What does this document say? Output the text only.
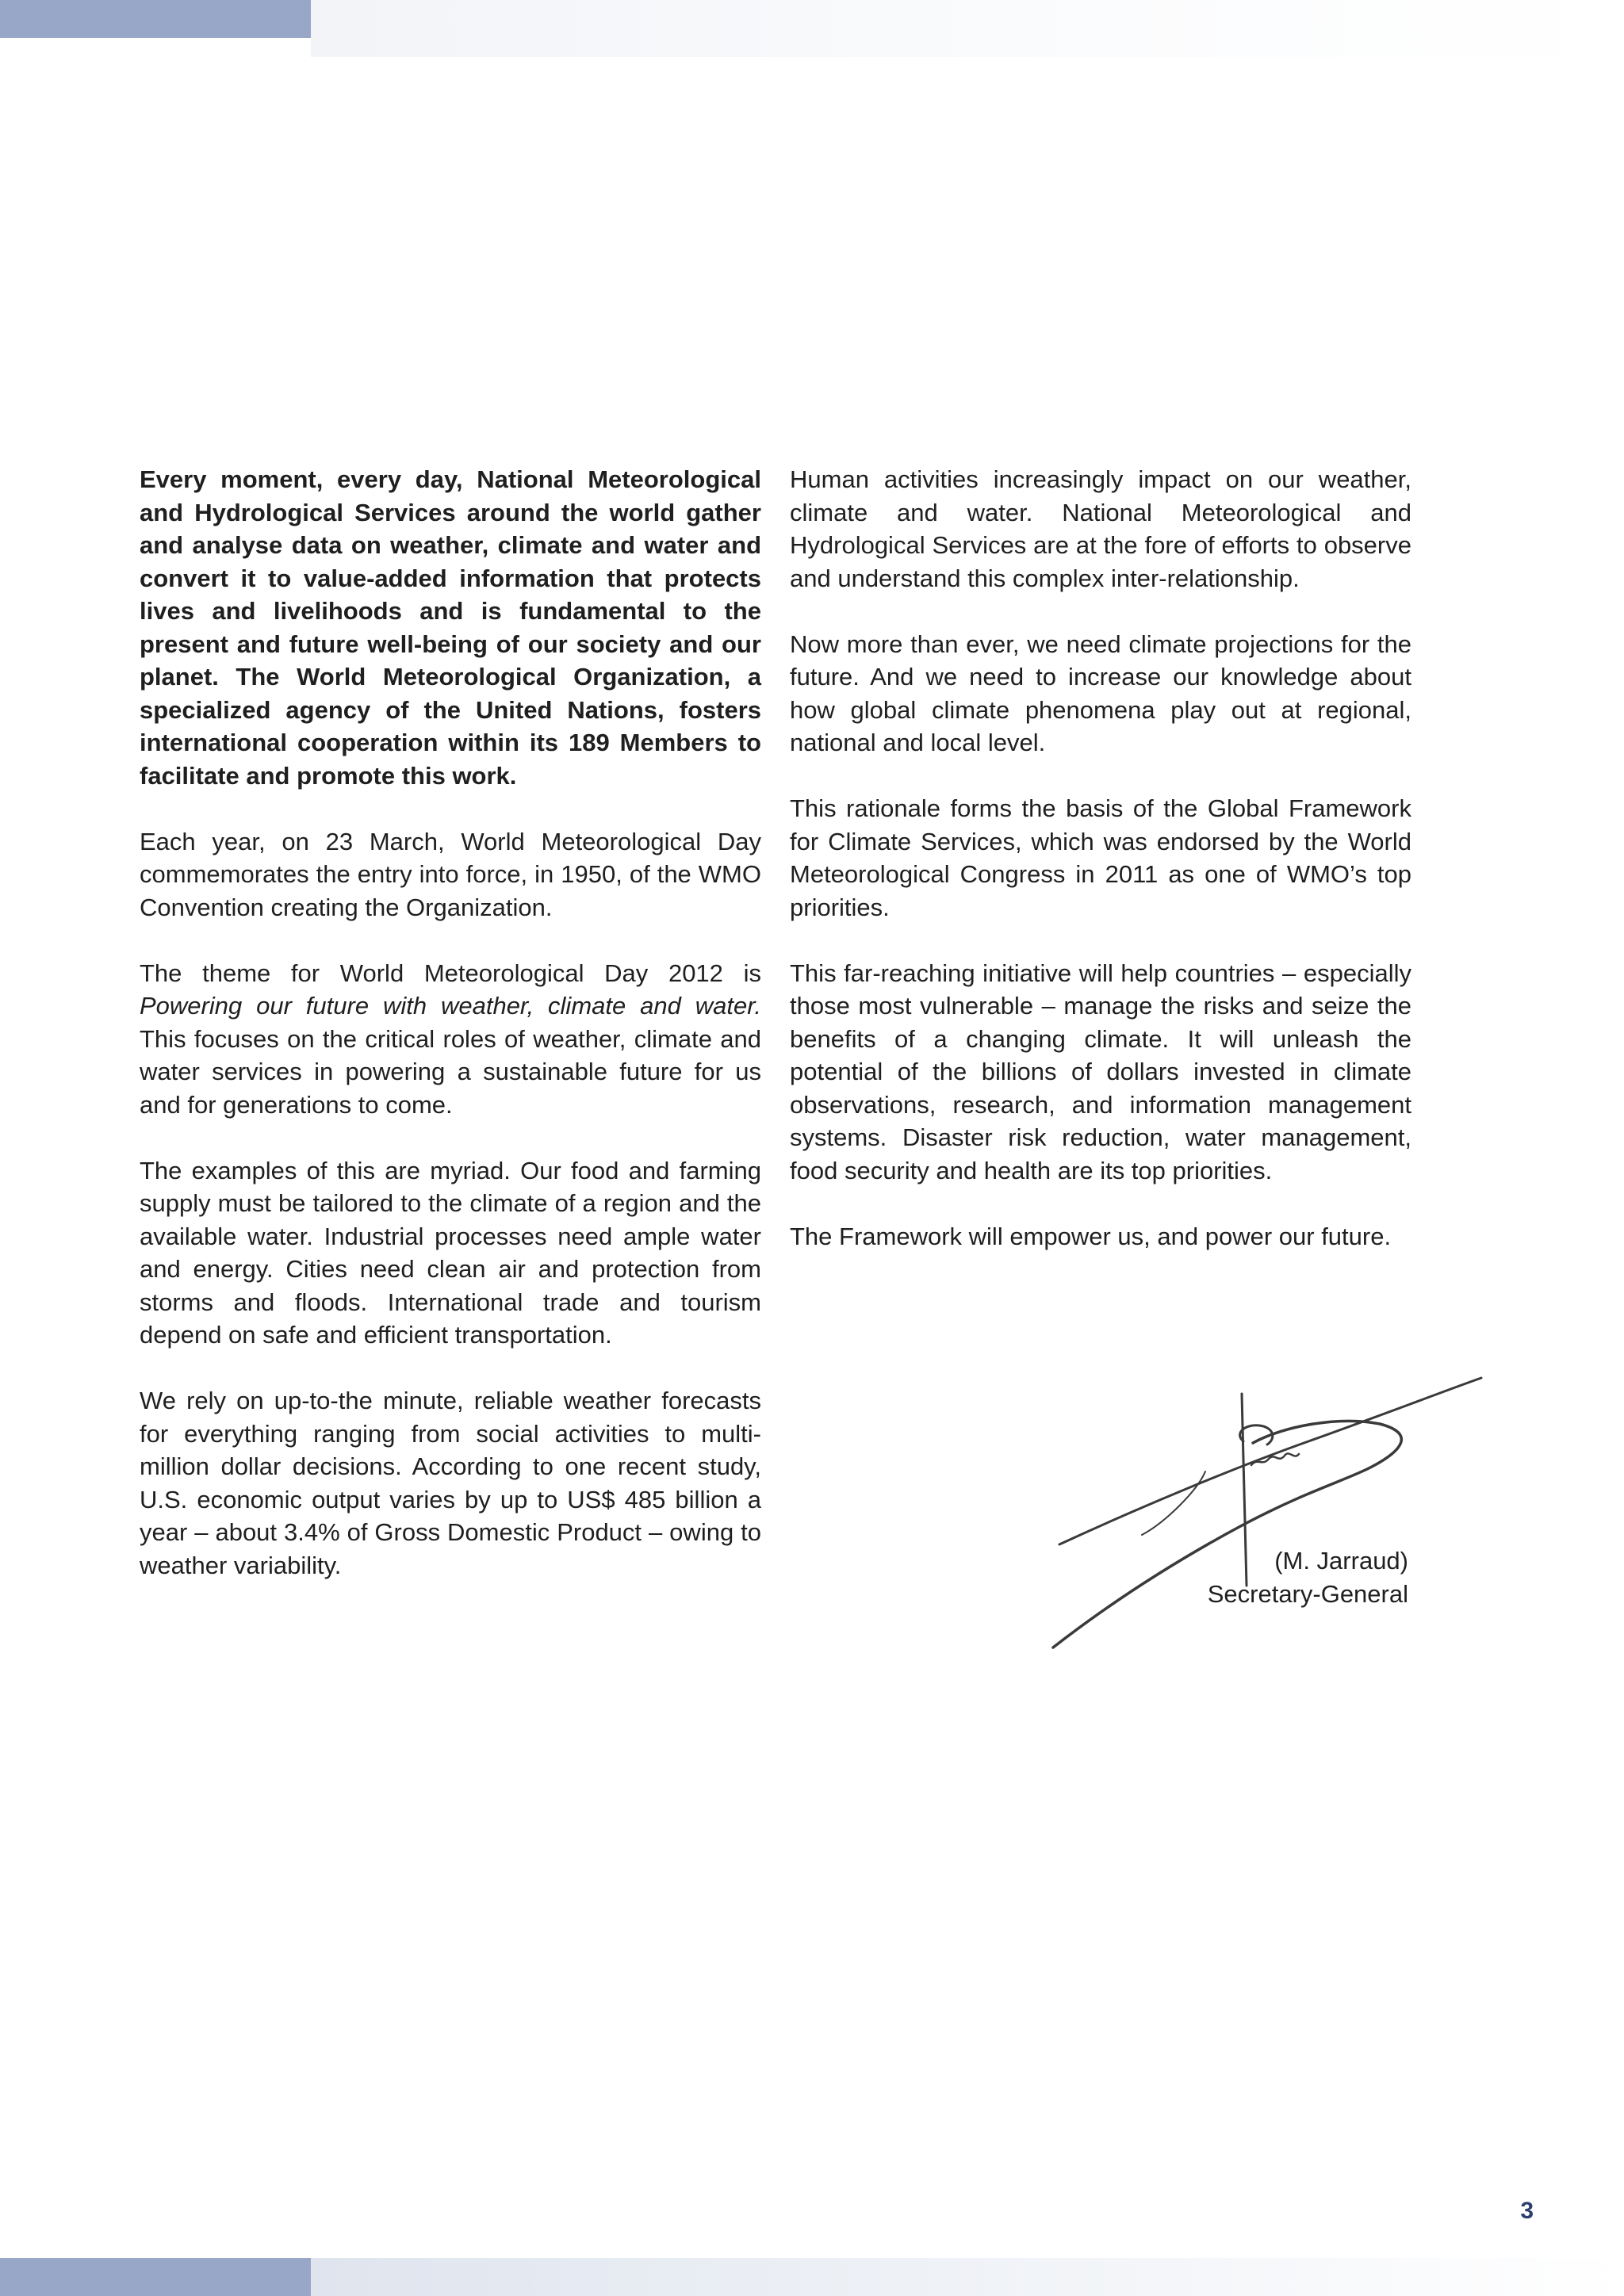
Every moment, every day, National Meteorological and Hydrological Services around the world gather and analyse data on weather, climate and water and convert it to value-added information that protects lives and livelihoods and is fundamental to the present and future well-being of our society and our planet. The World Meteorological Organization, a specialized agency of the United Nations, fosters international cooperation within its 189 Members to facilitate and promote this work.

Each year, on 23 March, World Meteorological Day commemorates the entry into force, in 1950, of the WMO Convention creating the Organization.

The theme for World Meteorological Day 2012 is Powering our future with weather, climate and water. This focuses on the critical roles of weather, climate and water services in powering a sustainable future for us and for generations to come.

The examples of this are myriad. Our food and farming supply must be tailored to the climate of a region and the available water. Industrial processes need ample water and energy. Cities need clean air and protection from storms and floods. International trade and tourism depend on safe and efficient transportation.

We rely on up-to-the minute, reliable weather forecasts for everything ranging from social activities to multi-million dollar decisions. According to one recent study, U.S. economic output varies by up to US$ 485 billion a year – about 3.4% of Gross Domestic Product – owing to weather variability.

Human activities increasingly impact on our weather, climate and water. National Meteorological and Hydrological Services are at the fore of efforts to observe and understand this complex inter-relationship.

Now more than ever, we need climate projections for the future. And we need to increase our knowledge about how global climate phenomena play out at regional, national and local level.

This rationale forms the basis of the Global Framework for Climate Services, which was endorsed by the World Meteorological Congress in 2011 as one of WMO’s top priorities.

This far-reaching initiative will help countries – especially those most vulnerable – manage the risks and seize the benefits of a changing climate. It will unleash the potential of the billions of dollars invested in climate observations, research, and information management systems. Disaster risk reduction, water management, food security and health are its top priorities.

The Framework will empower us, and power our future.

(M. Jarraud)
Secretary-General
3
